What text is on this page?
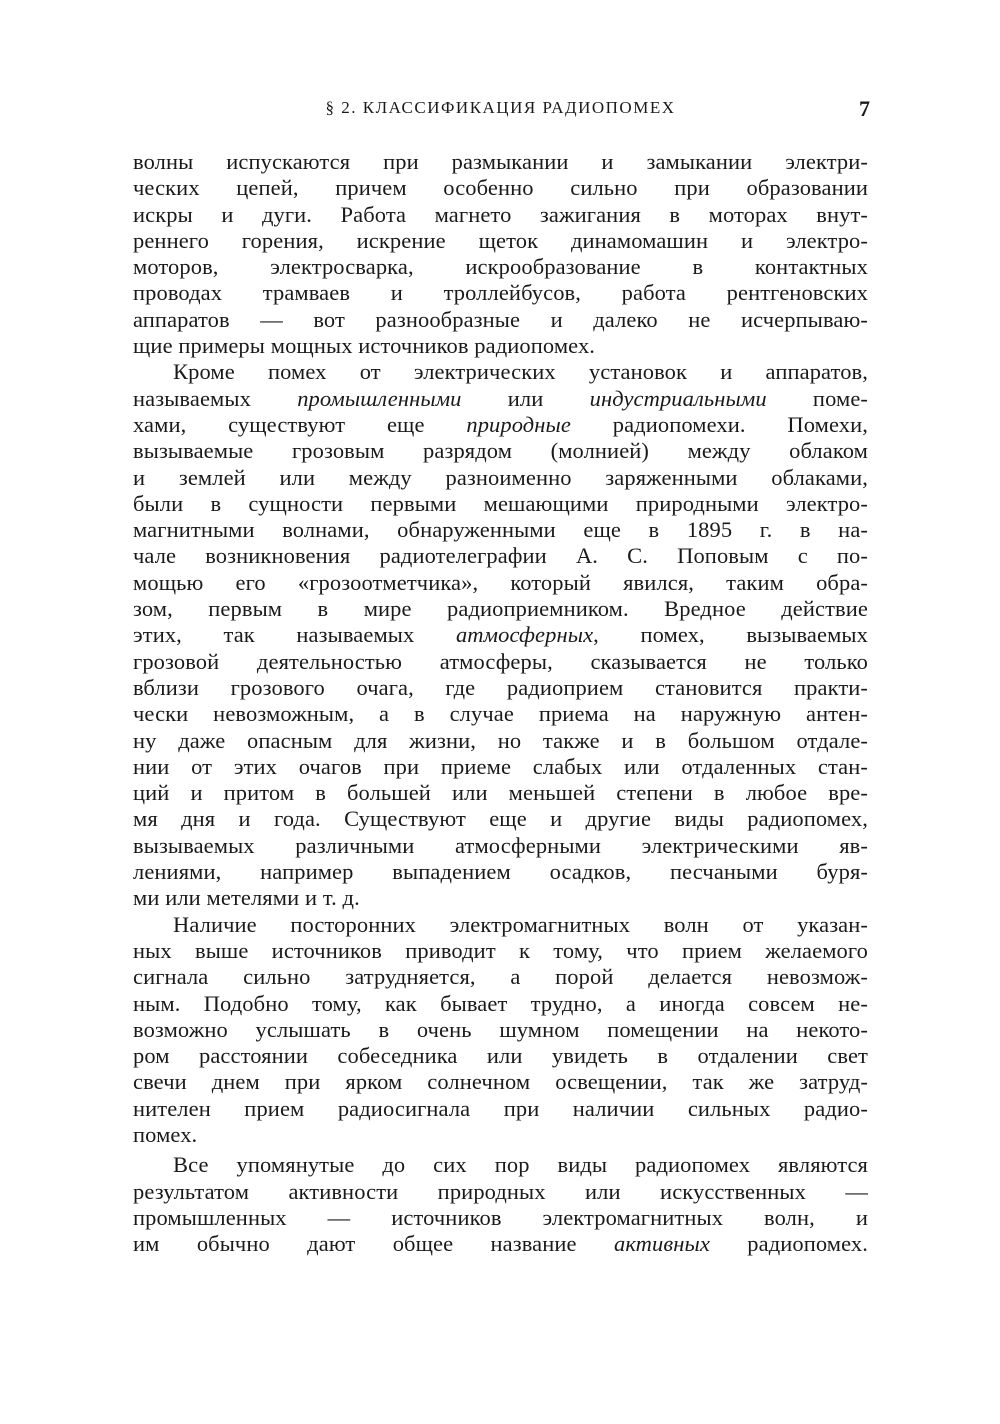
§ 2. КЛАССИФИКАЦИЯ РАДИОПОМЕХ	7
волны испускаются при размыкании и замыкании электри-
ческих цепей, причем особенно сильно при образовании
искры и дуги. Работа магнето зажигания в моторах внут-
реннего горения, искрение щеток динамомашин и электро-
моторов, электросварка, искрообразование в контактных
проводах трамваев и троллейбусов, работа рентгеновских
аппаратов — вот разнообразные и далеко не исчерпываю-
щие примеры мощных источников радиопомех.
Кроме помех от электрических установок и аппаратов,
называемых промышленными или индустриальными поме-
хами, существуют еще природные радиопомехи. Помехи,
вызываемые грозовым разрядом (молнией) между облаком
и землей или между разноименно заряженными облаками,
были в сущности первыми мешающими природными электро-
магнитными волнами, обнаруженными еще в 1895 г. в на-
чале возникновения радиотелеграфии А. С. Поповым с по-
мощью его «грозоотметчика», который явился, таким обра-
зом, первым в мире радиоприемником. Вредное действие
этих, так называемых атмосферных, помех, вызываемых
грозовой деятельностью атмосферы, сказывается не только
вблизи грозового очага, где радиоприем становится практи-
чески невозможным, а в случае приема на наружную антен-
ну даже опасным для жизни, но также и в большом отдале-
нии от этих очагов при приеме слабых или отдаленных стан-
ций и притом в большей или меньшей степени в любое вре-
мя дня и года. Существуют еще и другие виды радиопомех,
вызываемых различными атмосферными электрическими яв-
лениями, например выпадением осадков, песчаными буря-
ми или метелями и т. д.
Наличие посторонних электромагнитных волн от указан-
ных выше источников приводит к тому, что прием желаемого
сигнала сильно затрудняется, а порой делается невозмож-
ным. Подобно тому, как бывает трудно, а иногда совсем не-
возможно услышать в очень шумном помещении на некото-
ром расстоянии собеседника или увидеть в отдалении свет
свечи днем при ярком солнечном освещении, так же затруд-
нителен прием радиосигнала при наличии сильных радио-
помех.
Все упомянутые до сих пор виды радиопомех являются
результатом активности природных или искусственных —
промышленных — источников электромагнитных волн, и
им обычно дают общее название активных радиопомех.
